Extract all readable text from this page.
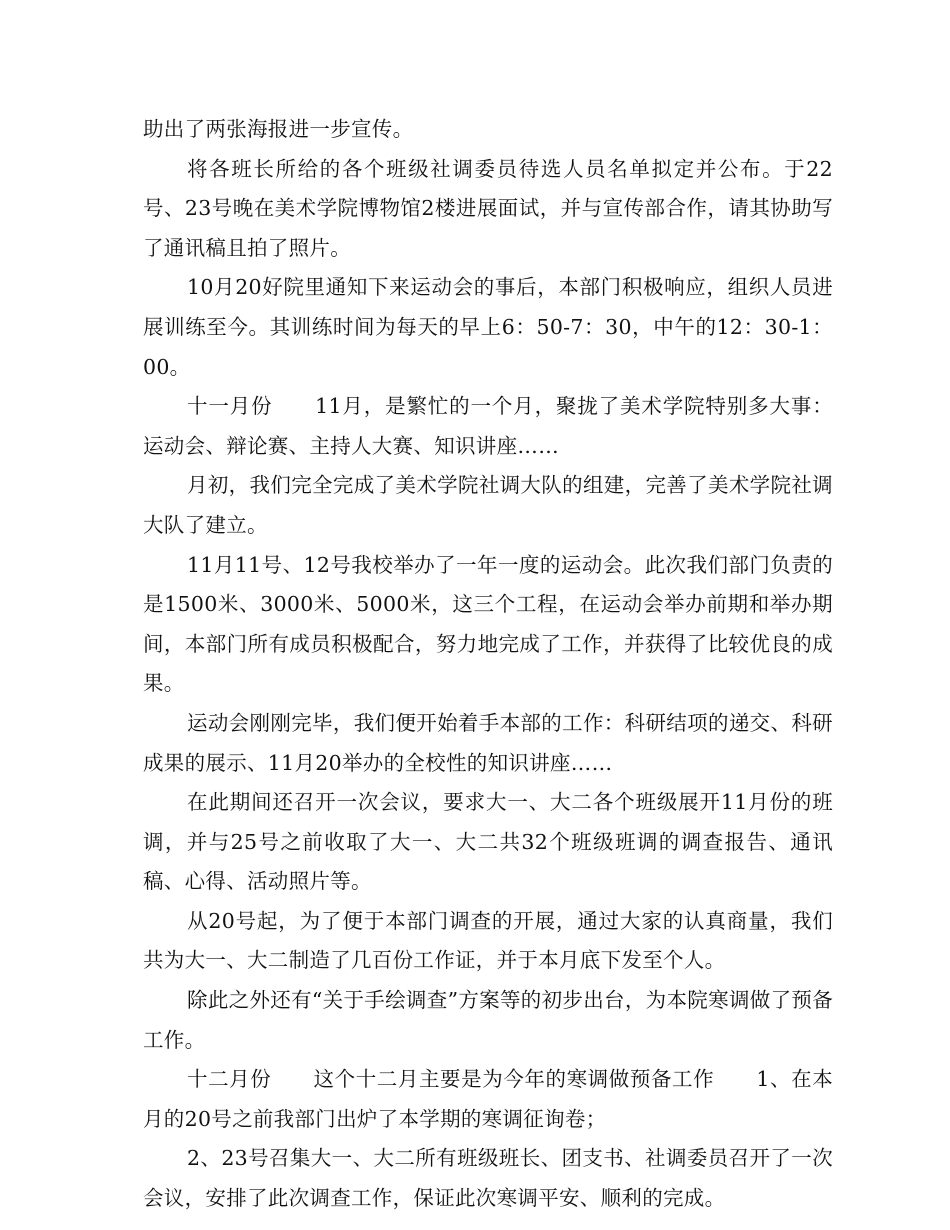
助出了两张海报进一步宣传。

将各班长所给的各个班级社调委员待选人员名单拟定并公布。于22号、23号晚在美术学院博物馆2楼进展面试，并与宣传部合作，请其协助写了通讯稿且拍了照片。

10月20好院里通知下来运动会的事后，本部门积极响应，组织人员进展训练至今。其训练时间为每天的早上6：50-7：30，中午的12：30-1：00。

十一月份　　11月，是繁忙的一个月，聚拢了美术学院特别多大事：运动会、辩论赛、主持人大赛、知识讲座……

月初，我们完全完成了美术学院社调大队的组建，完善了美术学院社调大队了建立。

11月11号、12号我校举办了一年一度的运动会。此次我们部门负责的是1500米、3000米、5000米，这三个工程，在运动会举办前期和举办期间，本部门所有成员积极配合，努力地完成了工作，并获得了比较优良的成果。

运动会刚刚完毕，我们便开始着手本部的工作：科研结项的递交、科研成果的展示、11月20举办的全校性的知识讲座……

在此期间还召开一次会议，要求大一、大二各个班级展开11月份的班调，并与25号之前收取了大一、大二共32个班级班调的调查报告、通讯稿、心得、活动照片等。

从20号起，为了便于本部门调查的开展，通过大家的认真商量，我们共为大一、大二制造了几百份工作证，并于本月底下发至个人。

除此之外还有“关于手绘调查”方案等的初步出台，为本院寒调做了预备工作。

十二月份　　这个十二月主要是为今年的寒调做预备工作　　1、在本月的20号之前我部门出炉了本学期的寒调征询卷；

2、23号召集大一、大二所有班级班长、团支书、社调委员召开了一次会议，安排了此次调查工作，保证此次寒调平安、顺利的完成。
